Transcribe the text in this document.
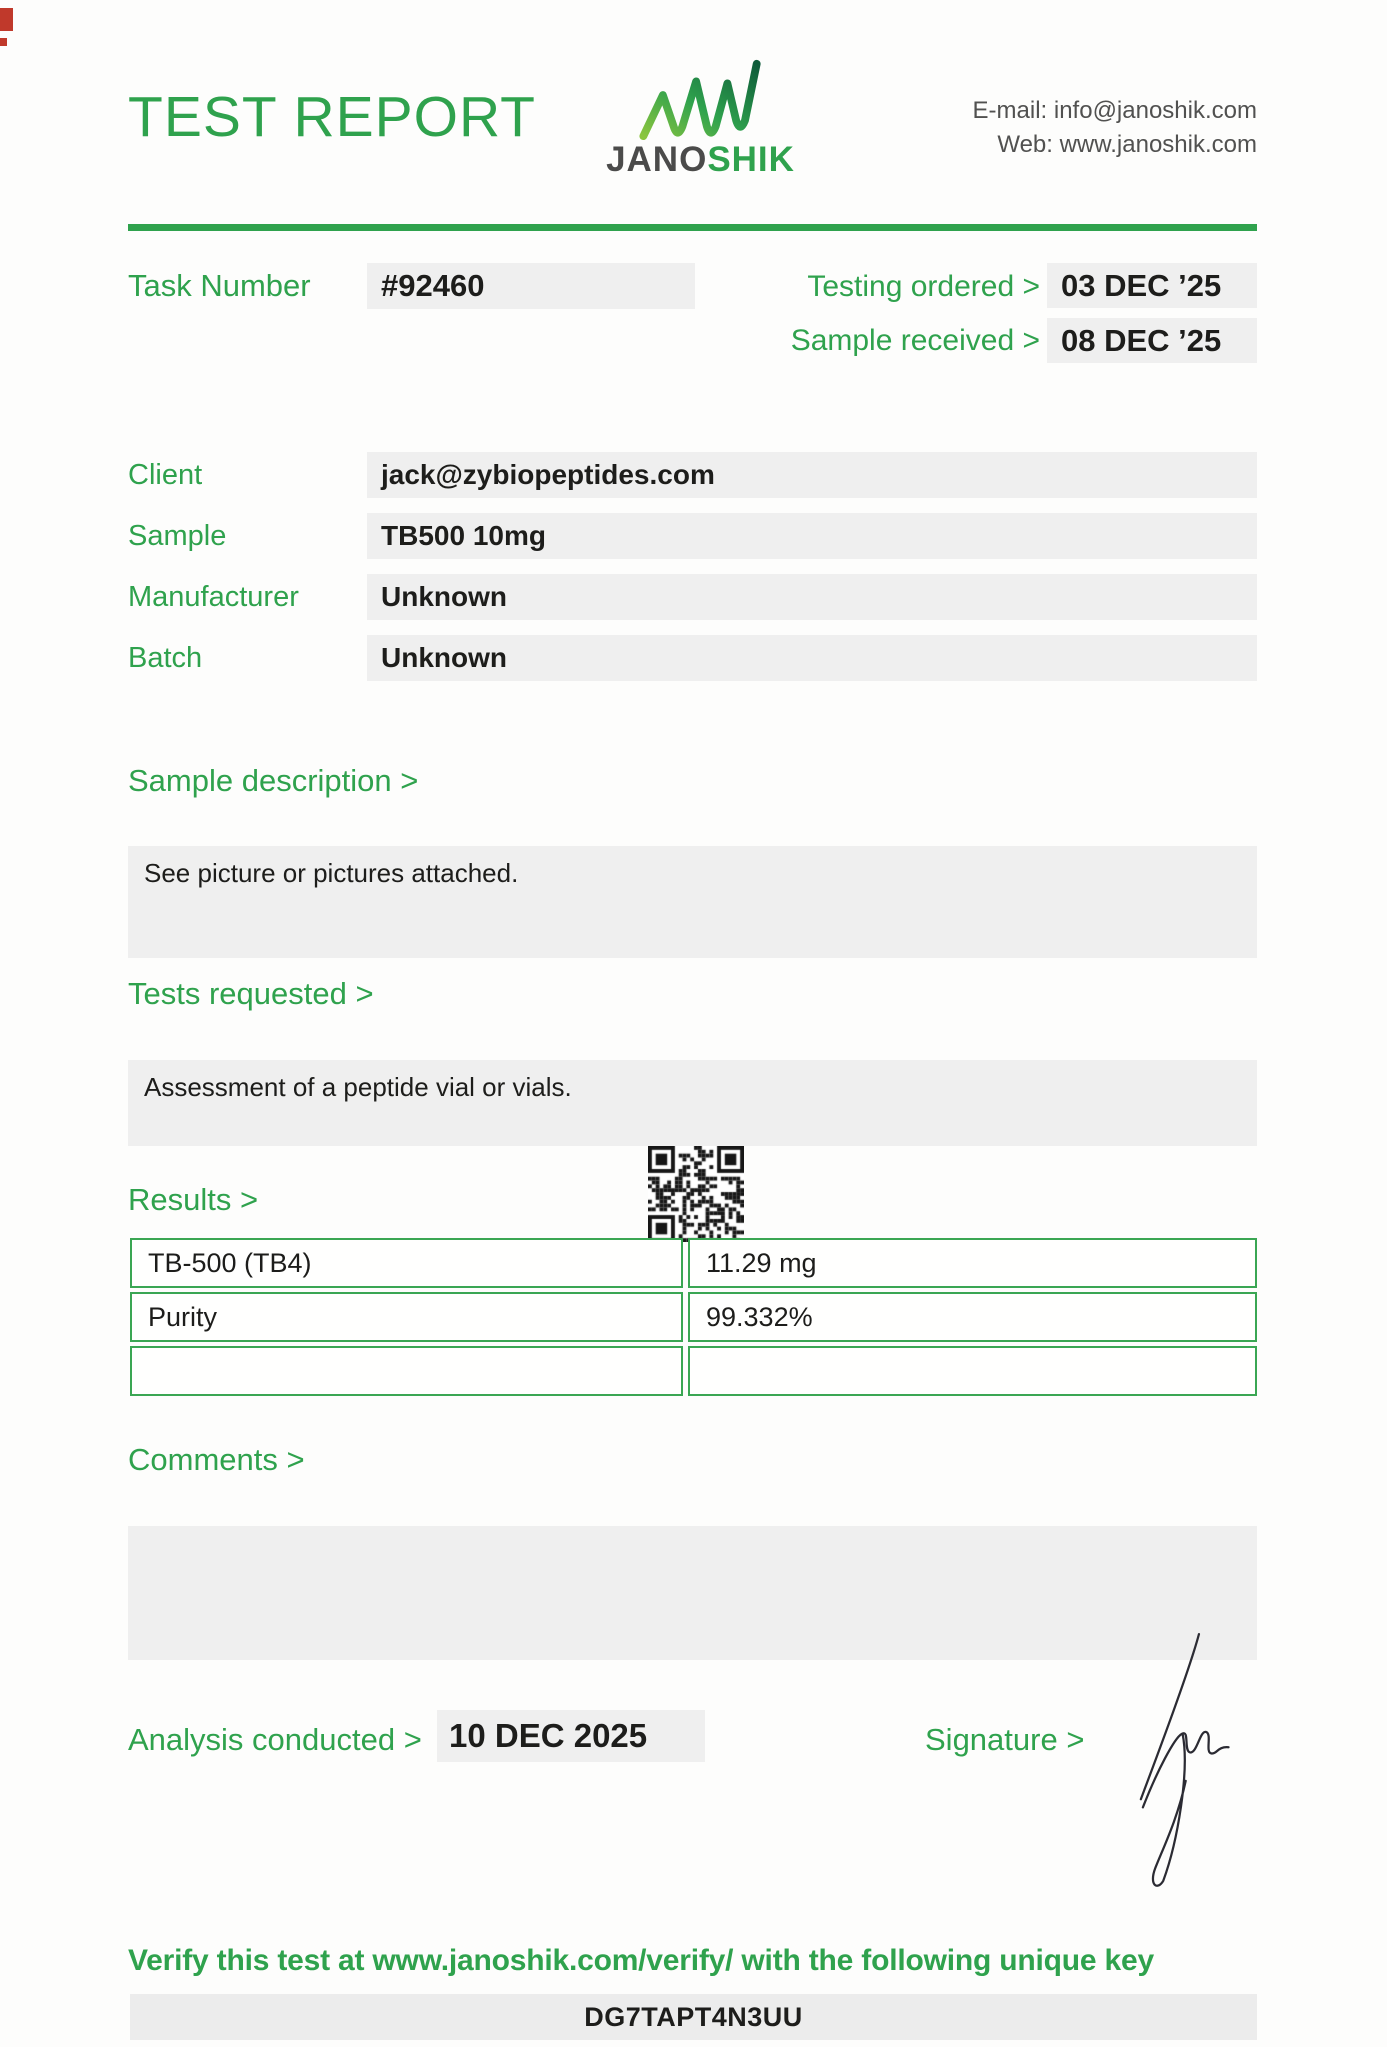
TEST REPORT
JANOSHIK
E-mail: info@janoshik.com
Web: www.janoshik.com
Task Number	#92460	Testing ordered > 03 DEC ’25
Sample received > 08 DEC ’25
Client	jack@zybiopeptides.com
Sample	TB500 10mg
Manufacturer	Unknown
Batch	Unknown
Sample description >
See picture or pictures attached.
Tests requested >
Assessment of a peptide vial or vials.
Results >
TB-500 (TB4)	11.29 mg
Purity	99.332%
Comments >
Analysis conducted > 10 DEC 2025	Signature >
Verify this test at www.janoshik.com/verify/ with the following unique key
DG7TAPT4N3UU
